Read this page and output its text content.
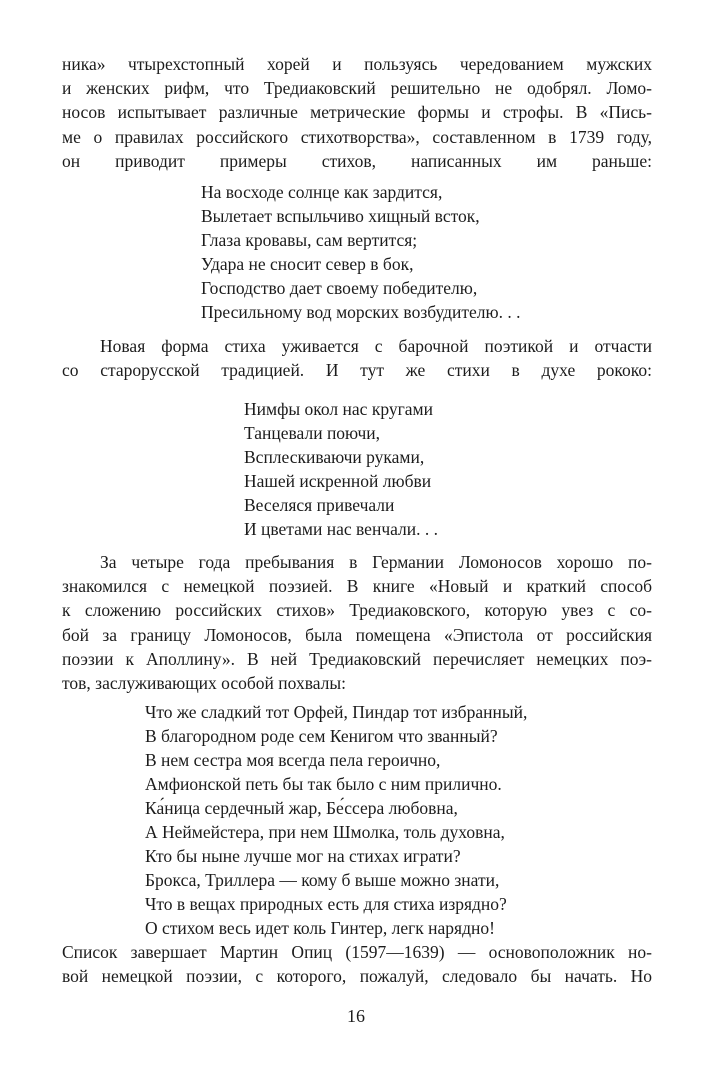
ника» чтырехстопный хорей и пользуясь чередованием мужских
и женских рифм, что Тредиаковский решительно не одобрял. Ломо-
носов испытывает различные метрические формы и строфы. В «Пись-
ме о правилах российского стихотворства», составленном в 1739 году,
он приводит примеры стихов, написанных им раньше:
На восходе солнце как зардится,
Вылетает вспыльчиво хищный всток,
Глаза кровавы, сам вертится;
Удара не сносит север в бок,
Господство дает своему победителю,
Пресильному вод морских возбудителю. . .
Новая форма стиха уживается с барочной поэтикой и отчасти
со старорусской традицией. И тут же стихи в духе рококо:
Нимфы окол нас кругами
Танцевали поючи,
Всплескиваючи руками,
Нашей искренной любви
Веселяся привечали
И цветами нас венчали. . .
За четыре года пребывания в Германии Ломоносов хорошо по-
знакомился с немецкой поэзией. В книге «Новый и краткий способ
к сложению российских стихов» Тредиаковского, которую увез с со-
бой за границу Ломоносов, была помещена «Эпистола от российския
поэзии к Аполлину». В ней Тредиаковский перечисляет немецких поэ-
тов, заслуживающих особой похвалы:
Что же сладкий тот Орфей, Пиндар тот избранный,
В благородном роде сем Кенигом что званный?
В нем сестра моя всегда пела героично,
Амфионской петь бы так было с ним прилично.
Ка́ница сердечный жар, Бе́ссера любовна,
А Неймейстера, при нем Шмолка, толь духовна,
Кто бы ныне лучше мог на стихах играти?
Брокса, Триллера — кому б выше можно знати,
Что в вещах природных есть для стиха изрядно?
О стихом весь идет коль Гинтер, легк нарядно!
Список завершает Мартин Опиц (1597—1639) — основоположник но-
вой немецкой поэзии, с которого, пожалуй, следовало бы начать. Но
16
